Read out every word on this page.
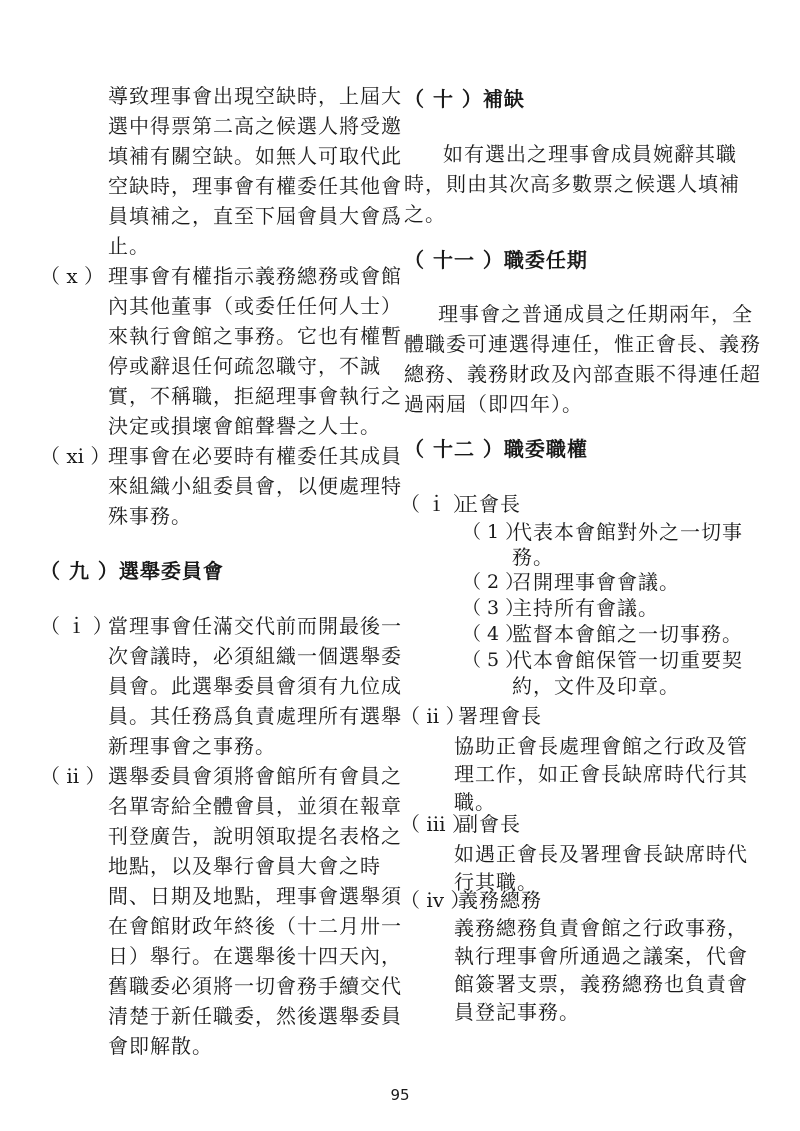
導致理事會出現空缺時，上屆大
選中得票第二高之候選人將受邀
填補有關空缺。如無人可取代此
空缺時，理事會有權委任其他會
員填補之，直至下屆會員大會爲
止。
（ x ） 理事會有權指示義務總務或會館
內其他董事（或委任任何人士）
來執行會館之事務。它也有權暫
停或辭退任何疏忽職守，不誠
實，不稱職，拒絕理事會執行之
決定或損壞會館聲譽之人士。
（ xi ）
理事會在必要時有權委任其成員
來組織小組委員會，以便處理特
殊事務。
（ 九 ）選舉委員會
（ ｉ ）
當理事會任滿交代前而開最後一
次會議時，必須組織一個選舉委
員會。此選舉委員會須有九位成
員。其任務爲負責處理所有選舉
新理事會之事務。
（ ii ） 選舉委員會須將會館所有會員之
名單寄給全體會員，並須在報章
刊登廣告，說明領取提名表格之
地點，以及舉行會員大會之時
間、日期及地點，理事會選舉須
在會館財政年終後（十二月卅一
日）舉行。在選舉後十四天內，
舊職委必須將一切會務手續交代
清楚于新任職委，然後選舉委員
會即解散。
（ 十 ）補缺
如有選出之理事會成員婉辭其職
時，則由其次高多數票之候選人填補
之。
（ 十一 ）職委任期
理事會之普通成員之任期兩年，全
體職委可連選得連任，惟正會長、義務
總務、義務財政及內部查賬不得連任超
過兩屆（即四年）。
（ 十二 ）職委職權
（ ｉ ）
正會長
（ 1 ）
代表本會館對外之一切事
務。
（ 2 ）
召開理事會會議。
（ 3 ）
主持所有會議。
（ 4 ）
監督本會館之一切事務。
（ 5 ）
代本會館保管一切重要契
約，文件及印章。
（ ii ）
署理會長
協助正會長處理會館之行政及管
理工作，如正會長缺席時代行其
職。
（ iii ）
副會長
如遇正會長及署理會長缺席時代
行其職。
（ iv ）
義務總務
義務總務負責會館之行政事務，
執行理事會所通過之議案，代會
館簽署支票，義務總務也負責會
員登記事務。
95
